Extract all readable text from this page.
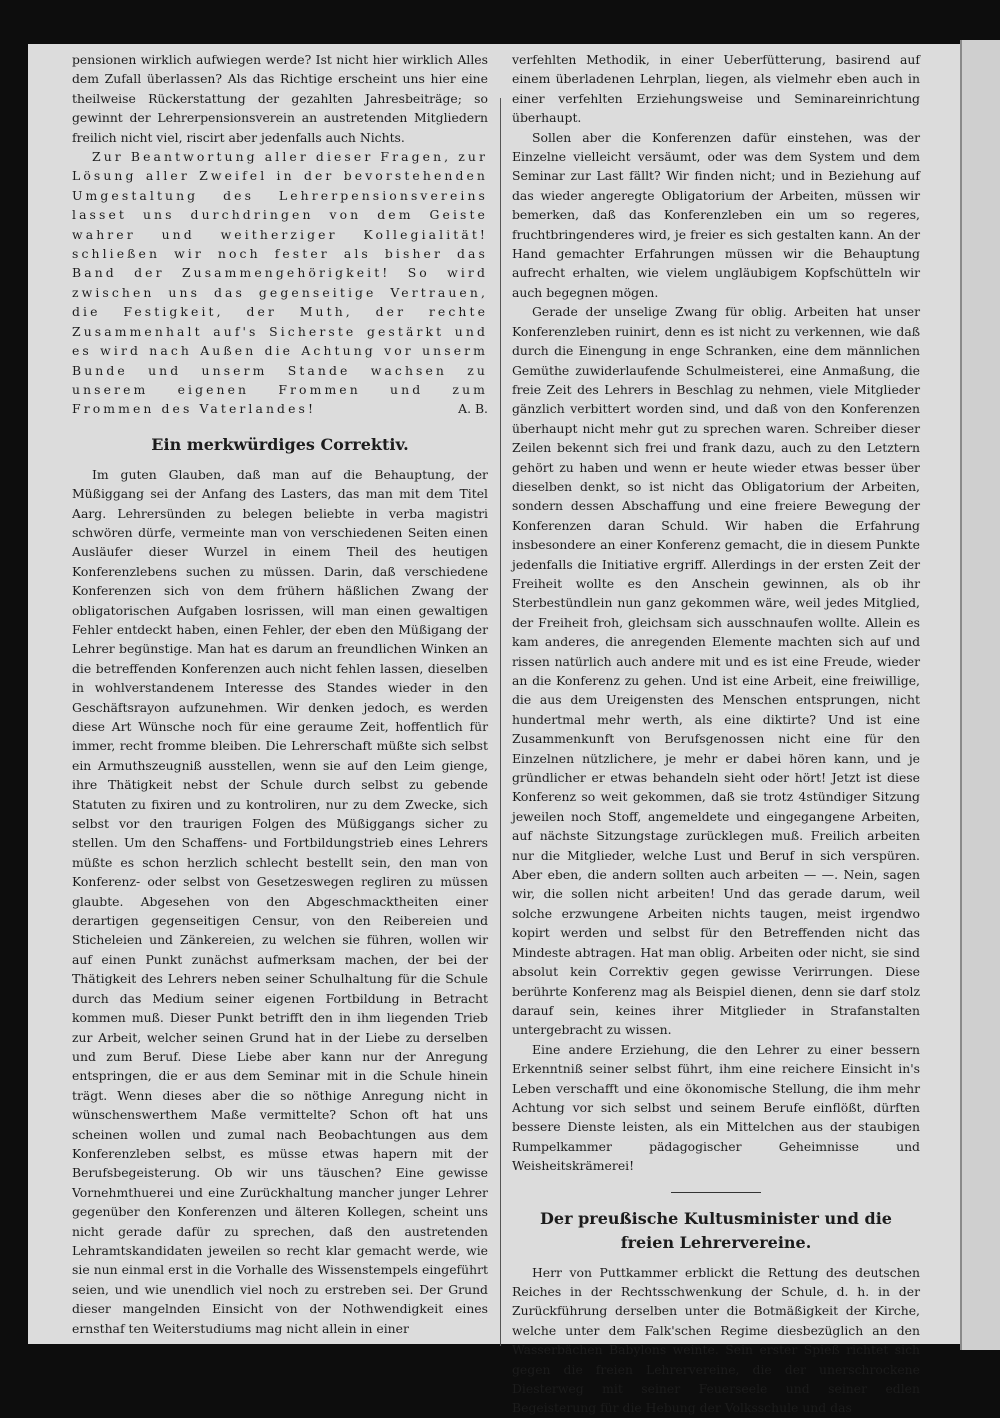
pensionen wirklich aufwiegen werde? Ist nicht hier wirklich Alles dem Zufall überlassen? Als das Richtige erscheint uns hier eine theilweise Rückerstattung der gezahlten Jahresbeiträge; so gewinnt der Lehrerpensionsverein an austretenden Mitgliedern freilich nicht viel, riscirt aber jedenfalls auch Nichts.

Zur Beantwortung aller dieser Fragen, zur Lösung aller Zweifel in der bevorstehenden Umgestaltung des Lehrerpensionsvereins lasset uns durchdringen von dem Geiste wahrer und weitherziger Kollegialität! schließen wir noch fester als bisher das Band der Zusammengehörigkeit! So wird zwischen uns das gegenseitige Vertrauen, die Festigkeit, der Muth, der rechte Zusammenhalt auf's Sicherste gestärkt und es wird nach Außen die Achtung vor unserm Bunde und unserm Stande wachsen zu unserem eigenen Frommen und zum Frommen des Vaterlandes!	A. B.

Ein merkwürdiges Correktiv.

Im guten Glauben, daß man auf die Behauptung, der Müßiggang sei der Anfang des Lasters, das man mit dem Titel Aarg. Lehrersünden zu belegen beliebte in verba magistri schwören dürfe, vermeinte man von verschiedenen Seiten einen Ausläufer dieser Wurzel in einem Theil des heutigen Konferenzlebens suchen zu müssen. Darin, daß verschiedene Konferenzen sich von dem frühern häßlichen Zwang der obligatorischen Aufgaben losrissen, will man einen gewaltigen Fehler entdeckt haben, einen Fehler, der eben den Müßigang der Lehrer begünstige. Man hat es darum an freundlichen Winken an die betreffenden Konferenzen auch nicht fehlen lassen, dieselben in wohlverstandenem Interesse des Standes wieder in den Geschäftsrayon aufzunehmen. Wir denken jedoch, es werden diese Art Wünsche noch für eine geraume Zeit, hoffentlich für immer, recht fromme bleiben. Die Lehrerschaft müßte sich selbst ein Armuthszeugniß ausstellen, wenn sie auf den Leim gienge, ihre Thätigkeit nebst der Schule durch selbst zu gebende Statuten zu fixiren und zu kontroliren, nur zu dem Zwecke, sich selbst vor den traurigen Folgen des Müßiggangs sicher zu stellen. Um den Schaffens- und Fortbildungstrieb eines Lehrers müßte es schon herzlich schlecht bestellt sein, den man von Konferenz- oder selbst von Gesetzeswegen regliren zu müssen glaubte. Abgesehen von den Abgeschmacktheiten einer derartigen gegenseitigen Censur, von den Reibereien und Sticheleien und Zänkereien, zu welchen sie führen, wollen wir auf einen Punkt zunächst aufmerksam machen, der bei der Thätigkeit des Lehrers neben seiner Schulhaltung für die Schule durch das Medium seiner eigenen Fortbildung in Betracht kommen muß. Dieser Punkt betrifft den in ihm liegenden Trieb zur Arbeit, welcher seinen Grund hat in der Liebe zu derselben und zum Beruf. Diese Liebe aber kann nur der Anregung entspringen, die er aus dem Seminar mit in die Schule hinein trägt. Wenn dieses aber die so nöthige Anregung nicht in wünschenswerthem Maße vermittelte? Schon oft hat uns scheinen wollen und zumal nach Beobachtungen aus dem Konferenzleben selbst, es müsse etwas hapern mit der Berufsbegeisterung. Ob wir uns täuschen? Eine gewisse Vornehmthuerei und eine Zurückhaltung mancher junger Lehrer gegenüber den Konferenzen und älteren Kollegen, scheint uns nicht gerade dafür zu sprechen, daß den austretenden Lehramtskandidaten jeweilen so recht klar gemacht werde, wie sie nun einmal erst in die Vorhalle des Wissenstempels eingeführt seien, und wie unendlich viel noch zu erstreben sei. Der Grund dieser mangelnden Einsicht von der Nothwendigkeit eines ernsthaf ten Weiterstudiums mag nicht allein in einer

verfehlten Methodik, in einer Ueberfütterung, basirend auf einem überladenen Lehrplan, liegen, als vielmehr eben auch in einer verfehlten Erziehungsweise und Seminareinrichtung überhaupt.

Sollen aber die Konferenzen dafür einstehen, was der Einzelne vielleicht versäumt, oder was dem System und dem Seminar zur Last fällt? Wir finden nicht; und in Beziehung auf das wieder angeregte Obligatorium der Arbeiten, müssen wir bemerken, daß das Konferenzleben ein um so regeres, fruchtbringenderes wird, je freier es sich gestalten kann. An der Hand gemachter Erfahrungen müssen wir die Behauptung aufrecht erhalten, wie vielem ungläubigem Kopfschütteln wir auch begegnen mögen.

Gerade der unselige Zwang für oblig. Arbeiten hat unser Konferenzleben ruinirt, denn es ist nicht zu verkennen, wie daß durch die Einengung in enge Schranken, eine dem männlichen Gemüthe zuwiderlaufende Schulmeisterei, eine Anmaßung, die freie Zeit des Lehrers in Beschlag zu nehmen, viele Mitglieder gänzlich verbittert worden sind, und daß von den Konferenzen überhaupt nicht mehr gut zu sprechen waren. Schreiber dieser Zeilen bekennt sich frei und frank dazu, auch zu den Letztern gehört zu haben und wenn er heute wieder etwas besser über dieselben denkt, so ist nicht das Obligatorium der Arbeiten, sondern dessen Abschaffung und eine freiere Bewegung der Konferenzen daran Schuld. Wir haben die Erfahrung insbesondere an einer Konferenz gemacht, die in diesem Punkte jedenfalls die Initiative ergriff. Allerdings in der ersten Zeit der Freiheit wollte es den Anschein gewinnen, als ob ihr Sterbestündlein nun ganz gekommen wäre, weil jedes Mitglied, der Freiheit froh, gleichsam sich ausschnaufen wollte. Allein es kam anderes, die anregenden Elemente machten sich auf und rissen natürlich auch andere mit und es ist eine Freude, wieder an die Konferenz zu gehen. Und ist eine Arbeit, eine freiwillige, die aus dem Ureigensten des Menschen entsprungen, nicht hundertmal mehr werth, als eine diktirte? Und ist eine Zusammenkunft von Berufsgenossen nicht eine für den Einzelnen nützlichere, je mehr er dabei hören kann, und je gründlicher er etwas behandeln sieht oder hört! Jetzt ist diese Konferenz so weit gekommen, daß sie trotz 4stündiger Sitzung jeweilen noch Stoff, angemeldete und eingegangene Arbeiten, auf nächste Sitzungstage zurücklegen muß. Freilich arbeiten nur die Mitglieder, welche Lust und Beruf in sich verspüren. Aber eben, die andern sollten auch arbeiten — —. Nein, sagen wir, die sollen nicht arbeiten! Und das gerade darum, weil solche erzwungene Arbeiten nichts taugen, meist irgendwo kopirt werden und selbst für den Betreffenden nicht das Mindeste abtragen. Hat man oblig. Arbeiten oder nicht, sie sind absolut kein Correktiv gegen gewisse Verirrungen. Diese berührte Konferenz mag als Beispiel dienen, denn sie darf stolz darauf sein, keines ihrer Mitglieder in Strafanstalten untergebracht zu wissen.

Eine andere Erziehung, die den Lehrer zu einer bessern Erkenntniß seiner selbst führt, ihm eine reichere Einsicht in's Leben verschafft und eine ökonomische Stellung, die ihm mehr Achtung vor sich selbst und seinem Berufe einflößt, dürften bessere Dienste leisten, als ein Mittelchen aus der staubigen Rumpelkammer pädagogischer Geheimnisse und Weisheitskrämerei!

Der preußische Kultusminister und die freien Lehrervereine.

Herr von Puttkammer erblickt die Rettung des deutschen Reiches in der Rechtsschwenkung der Schule, d. h. in der Zurückführung derselben unter die Botmäßigkeit der Kirche, welche unter dem Falk'schen Regime diesbezüglich an den Wasserbächen Babylons weinte. Sein erster Spieß richtet sich gegen die freien Lehrervereine, die der unerschrockene Diesterweg mit seiner Feuerseele und seiner edlen Begeisterung für die Hebung der Volksschule und das
